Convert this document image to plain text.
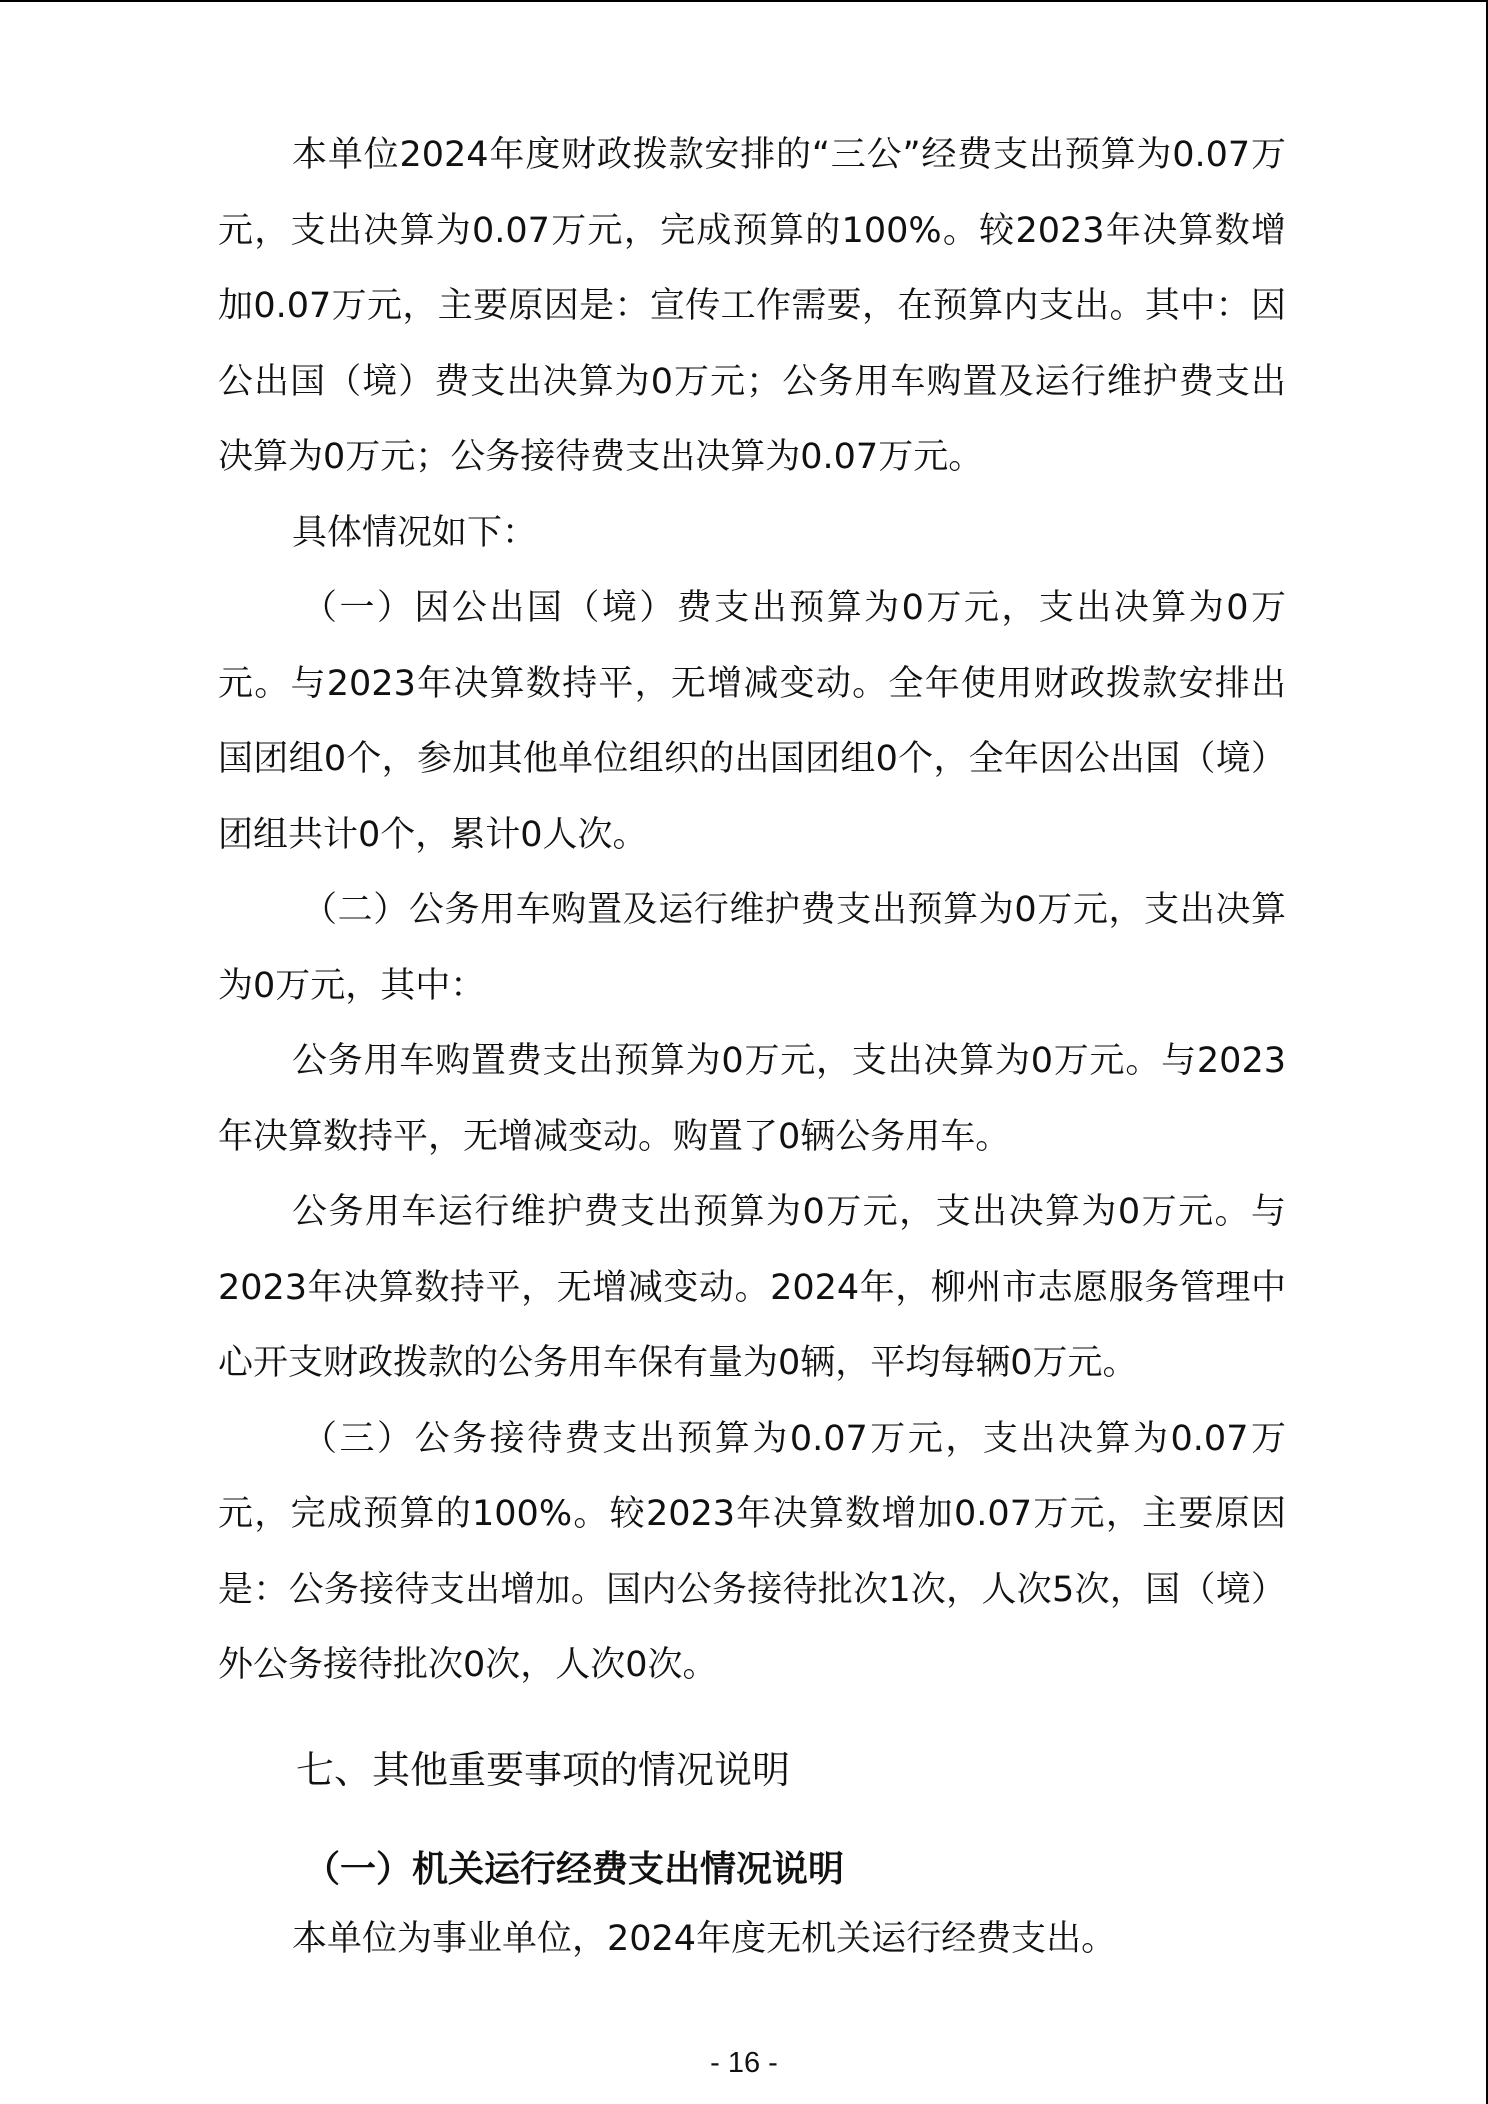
本单位2024年度财政拨款安排的“三公”经费支出预算为0.07万元，支出决算为0.07万元，完成预算的100%。较2023年决算数增加0.07万元，主要原因是：宣传工作需要，在预算内支出。其中：因公出国（境）费支出决算为0万元；公务用车购置及运行维护费支出决算为0万元；公务接待费支出决算为0.07万元。

具体情况如下：

（一）因公出国（境）费支出预算为0万元，支出决算为0万元。与2023年决算数持平，无增减变动。全年使用财政拨款安排出国团组0个，参加其他单位组织的出国团组0个，全年因公出国（境）团组共计0个，累计0人次。

（二）公务用车购置及运行维护费支出预算为0万元，支出决算为0万元，其中：

公务用车购置费支出预算为0万元，支出决算为0万元。与2023年决算数持平，无增减变动。购置了0辆公务用车。

公务用车运行维护费支出预算为0万元，支出决算为0万元。与2023年决算数持平，无增减变动。2024年，柳州市志愿服务管理中心开支财政拨款的公务用车保有量为0辆，平均每辆0万元。

（三）公务接待费支出预算为0.07万元，支出决算为0.07万元，完成预算的100%。较2023年决算数增加0.07万元，主要原因是：公务接待支出增加。国内公务接待批次1次，人次5次，国（境）外公务接待批次0次，人次0次。

七、其他重要事项的情况说明
（一）机关运行经费支出情况说明

本单位为事业单位，2024年度无机关运行经费支出。

- 16 -
